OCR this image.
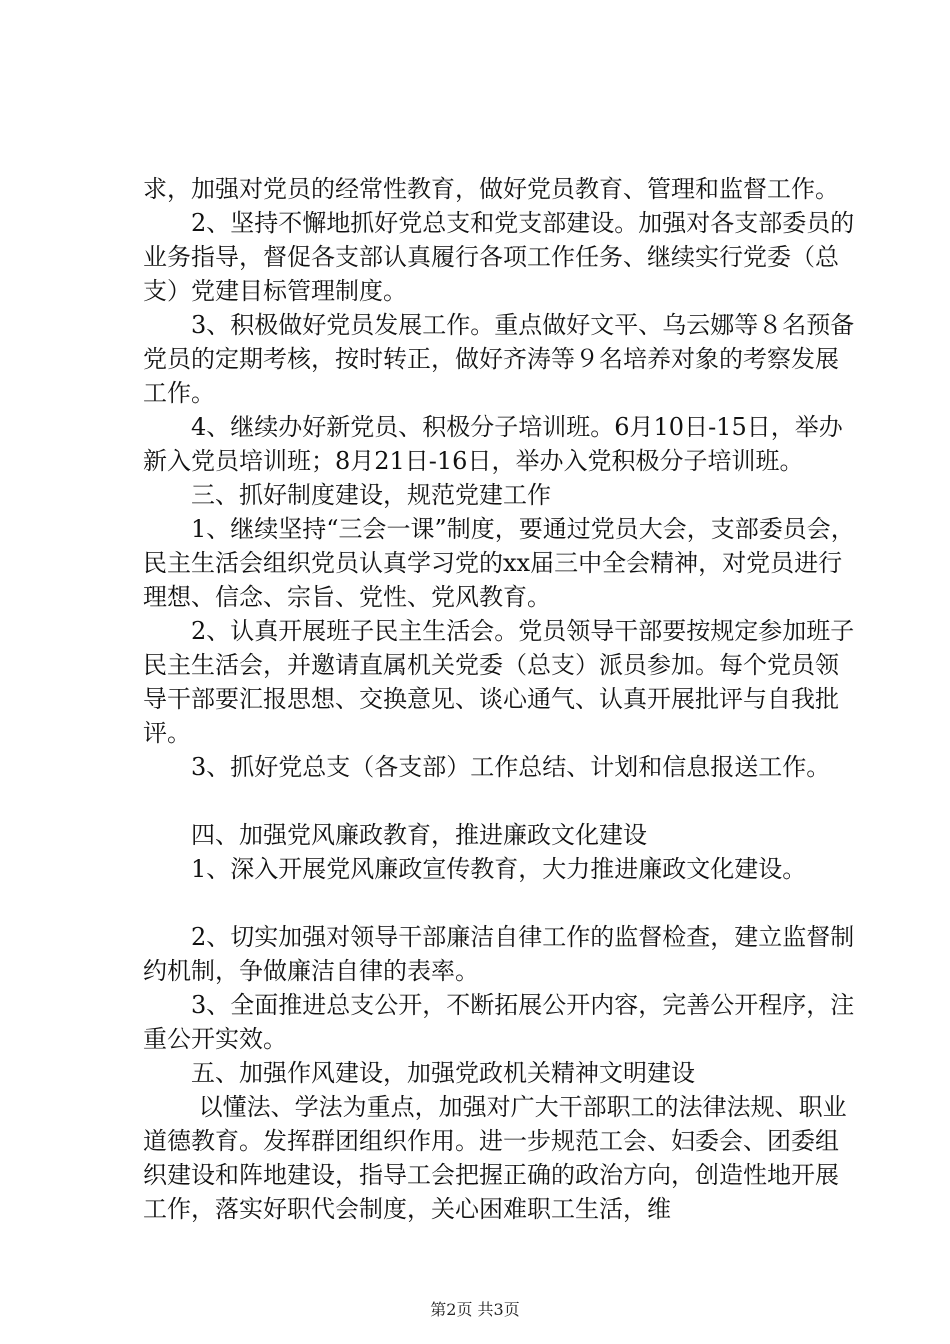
求，加强对党员的经常性教育，做好党员教育、管理和监督工作。

　　2、坚持不懈地抓好党总支和党支部建设。加强对各支部委员的业务指导，督促各支部认真履行各项工作任务、继续实行党委（总支）党建目标管理制度。

　　3、积极做好党员发展工作。重点做好文平、乌云娜等８名预备党员的定期考核，按时转正，做好齐涛等９名培养对象的考察发展工作。

　　4、继续办好新党员、积极分子培训班。6月10日-15日，举办新入党员培训班；8月21日-16日，举办入党积极分子培训班。

　　三、抓好制度建设，规范党建工作

　　1、继续坚持“三会一课”制度，要通过党员大会，支部委员会，民主生活会组织党员认真学习党的xx届三中全会精神，对党员进行理想、信念、宗旨、党性、党风教育。

　　2、认真开展班子民主生活会。党员领导干部要按规定参加班子民主生活会，并邀请直属机关党委（总支）派员参加。每个党员领导干部要汇报思想、交换意见、谈心通气、认真开展批评与自我批评。

　　3、抓好党总支（各支部）工作总结、计划和信息报送工作。

　　四、加强党风廉政教育，推进廉政文化建设

　　1、深入开展党风廉政宣传教育，大力推进廉政文化建设。

　　2、切实加强对领导干部廉洁自律工作的监督检查，建立监督制约机制，争做廉洁自律的表率。

　　3、全面推进总支公开，不断拓展公开内容，完善公开程序，注重公开实效。

　　五、加强作风建设，加强党政机关精神文明建设

　　 以懂法、学法为重点，加强对广大干部职工的法律法规、职业道德教育。发挥群团组织作用。进一步规范工会、妇委会、团委组织建设和阵地建设，指导工会把握正确的政治方向，创造性地开展工作，落实好职代会制度，关心困难职工生活，维

第2页 共3页
